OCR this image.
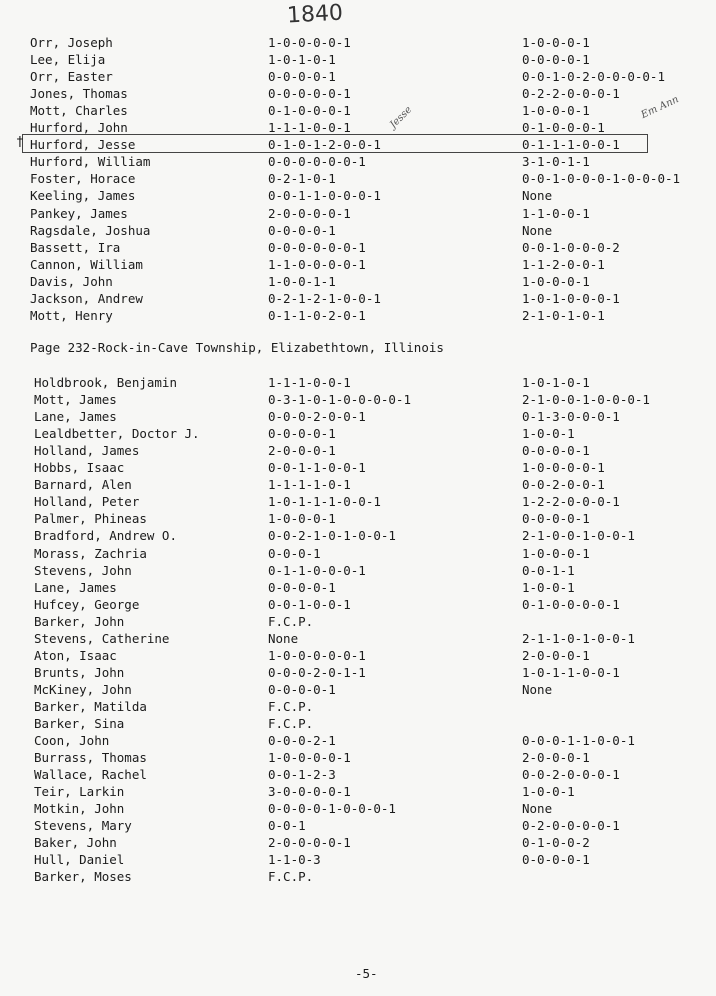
1840
Jesse	Em Ann
†
Orr, Joseph	1-0-0-0-0-1	1-0-0-0-1
Lee, Elija	1-0-1-0-1	0-0-0-0-1
Orr, Easter	0-0-0-0-1	0-0-1-0-2-0-0-0-0-1
Jones, Thomas	0-0-0-0-0-1	0-2-2-0-0-0-1
Mott, Charles	0-1-0-0-0-1	1-0-0-0-1
Hurford, John	1-1-1-0-0-1	0-1-0-0-0-1
Hurford, Jesse	0-1-0-1-2-0-0-1	0-1-1-1-0-0-1
Hurford, William	0-0-0-0-0-0-1	3-1-0-1-1
Foster, Horace	0-2-1-0-1	0-0-1-0-0-0-1-0-0-0-1
Keeling, James	0-0-1-1-0-0-0-1	None
Pankey, James	2-0-0-0-0-1	1-1-0-0-1
Ragsdale, Joshua	0-0-0-0-1	None
Bassett, Ira	0-0-0-0-0-0-1	0-0-1-0-0-0-2
Cannon, William	1-1-0-0-0-0-1	1-1-2-0-0-1
Davis, John	1-0-0-1-1	1-0-0-0-1
Jackson, Andrew	0-2-1-2-1-0-0-1	1-0-1-0-0-0-1
Mott, Henry	0-1-1-0-2-0-1	2-1-0-1-0-1
Page 232-Rock-in-Cave Township, Elizabethtown, Illinois
Holdbrook, Benjamin	1-1-1-0-0-1	1-0-1-0-1
Mott, James	0-3-1-0-1-0-0-0-0-1	2-1-0-0-1-0-0-0-1
Lane, James	0-0-0-2-0-0-1	0-1-3-0-0-0-1
Lealdbetter, Doctor J.	0-0-0-0-1	1-0-0-1
Holland, James	2-0-0-0-1	0-0-0-0-1
Hobbs, Isaac	0-0-1-1-0-0-1	1-0-0-0-0-1
Barnard, Alen	1-1-1-1-0-1	0-0-2-0-0-1
Holland, Peter	1-0-1-1-1-0-0-1	1-2-2-0-0-0-1
Palmer, Phineas	1-0-0-0-1	0-0-0-0-1
Bradford, Andrew O.	0-0-2-1-0-1-0-0-1	2-1-0-0-1-0-0-1
Morass, Zachria	0-0-0-1	1-0-0-0-1
Stevens, John	0-1-1-0-0-0-1	0-0-1-1
Lane, James	0-0-0-0-1	1-0-0-1
Hufcey, George	0-0-1-0-0-1	0-1-0-0-0-0-1
Barker, John	F.C.P.
Stevens, Catherine	None	2-1-1-0-1-0-0-1
Aton, Isaac	1-0-0-0-0-0-1	2-0-0-0-1
Brunts, John	0-0-0-2-0-1-1	1-0-1-1-0-0-1
McKiney, John	0-0-0-0-1	None
Barker, Matilda	F.C.P.
Barker, Sina	F.C.P.
Coon, John	0-0-0-2-1	0-0-0-1-1-0-0-1
Burrass, Thomas	1-0-0-0-0-1	2-0-0-0-1
Wallace, Rachel	0-0-1-2-3	0-0-2-0-0-0-1
Teir, Larkin	3-0-0-0-0-1	1-0-0-1
Motkin, John	0-0-0-0-1-0-0-0-1	None
Stevens, Mary	0-0-1	0-2-0-0-0-0-1
Baker, John	2-0-0-0-0-1	0-1-0-0-2
Hull, Daniel	1-1-0-3	0-0-0-0-1
Barker, Moses	F.C.P.
-5-
